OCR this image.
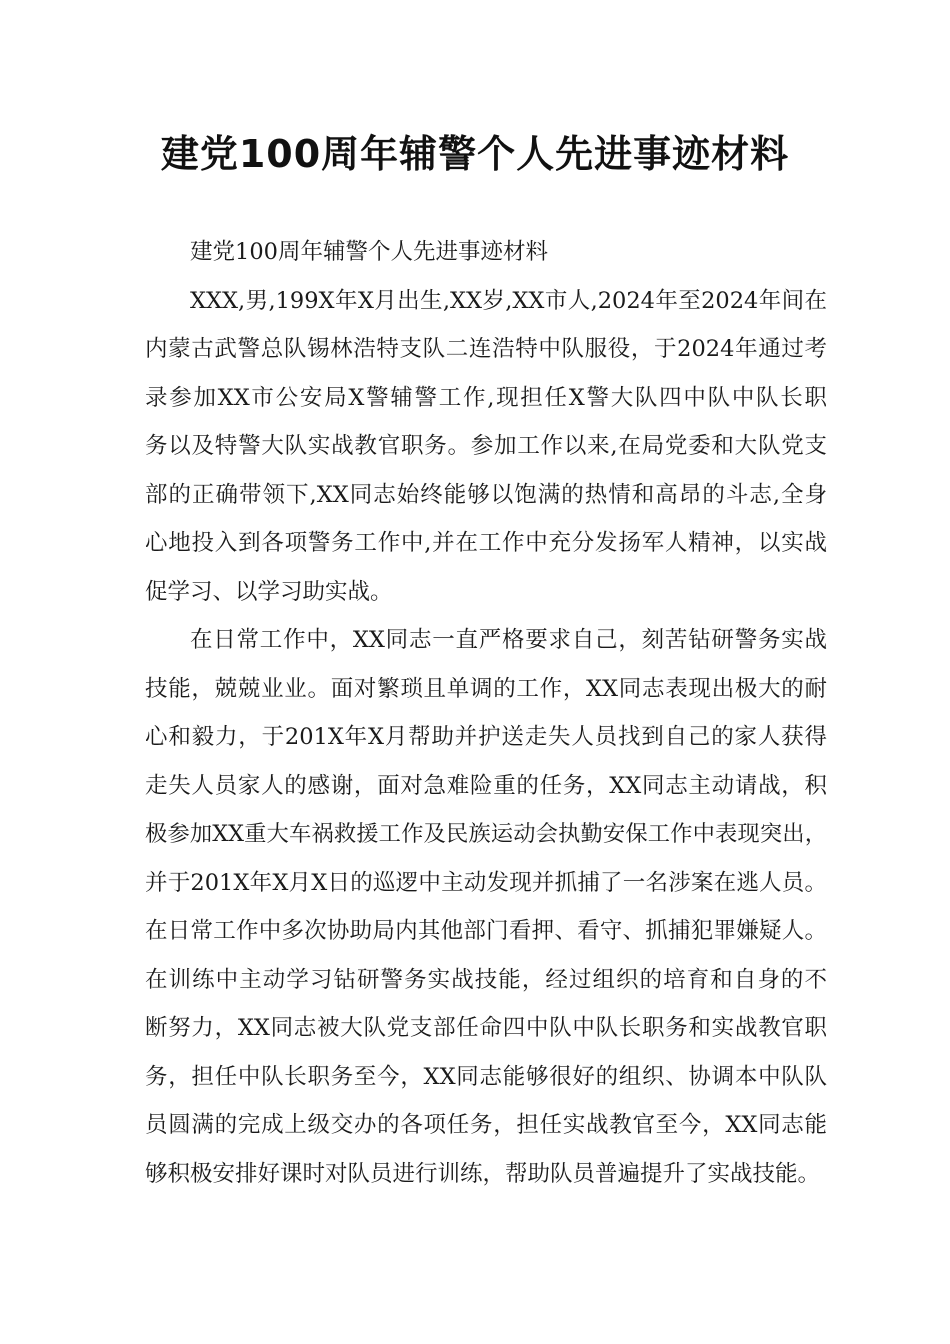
建党100周年辅警个人先进事迹材料

建党100周年辅警个人先进事迹材料

XXX,男,199X年X月出生,XX岁,XX市人,2024年至2024年间在
内蒙古武警总队锡林浩特支队二连浩特中队服役，于2024年通过考
录参加XX市公安局X警辅警工作,现担任X警大队四中队中队长职
务以及特警大队实战教官职务。参加工作以来,在局党委和大队党支
部的正确带领下,XX同志始终能够以饱满的热情和高昂的斗志,全身
心地投入到各项警务工作中,并在工作中充分发扬军人精神，以实战
促学习、以学习助实战。

在日常工作中，XX同志一直严格要求自己，刻苦钻研警务实战
技能，兢兢业业。面对繁琐且单调的工作，XX同志表现出极大的耐
心和毅力，于201X年X月帮助并护送走失人员找到自己的家人获得
走失人员家人的感谢，面对急难险重的任务，XX同志主动请战，积
极参加XX重大车祸救援工作及民族运动会执勤安保工作中表现突出，
并于201X年X月X日的巡逻中主动发现并抓捕了一名涉案在逃人员。
在日常工作中多次协助局内其他部门看押、看守、抓捕犯罪嫌疑人。
在训练中主动学习钻研警务实战技能，经过组织的培育和自身的不
断努力，XX同志被大队党支部任命四中队中队长职务和实战教官职
务，担任中队长职务至今，XX同志能够很好的组织、协调本中队队
员圆满的完成上级交办的各项任务，担任实战教官至今，XX同志能
够积极安排好课时对队员进行训练，帮助队员普遍提升了实战技能。
